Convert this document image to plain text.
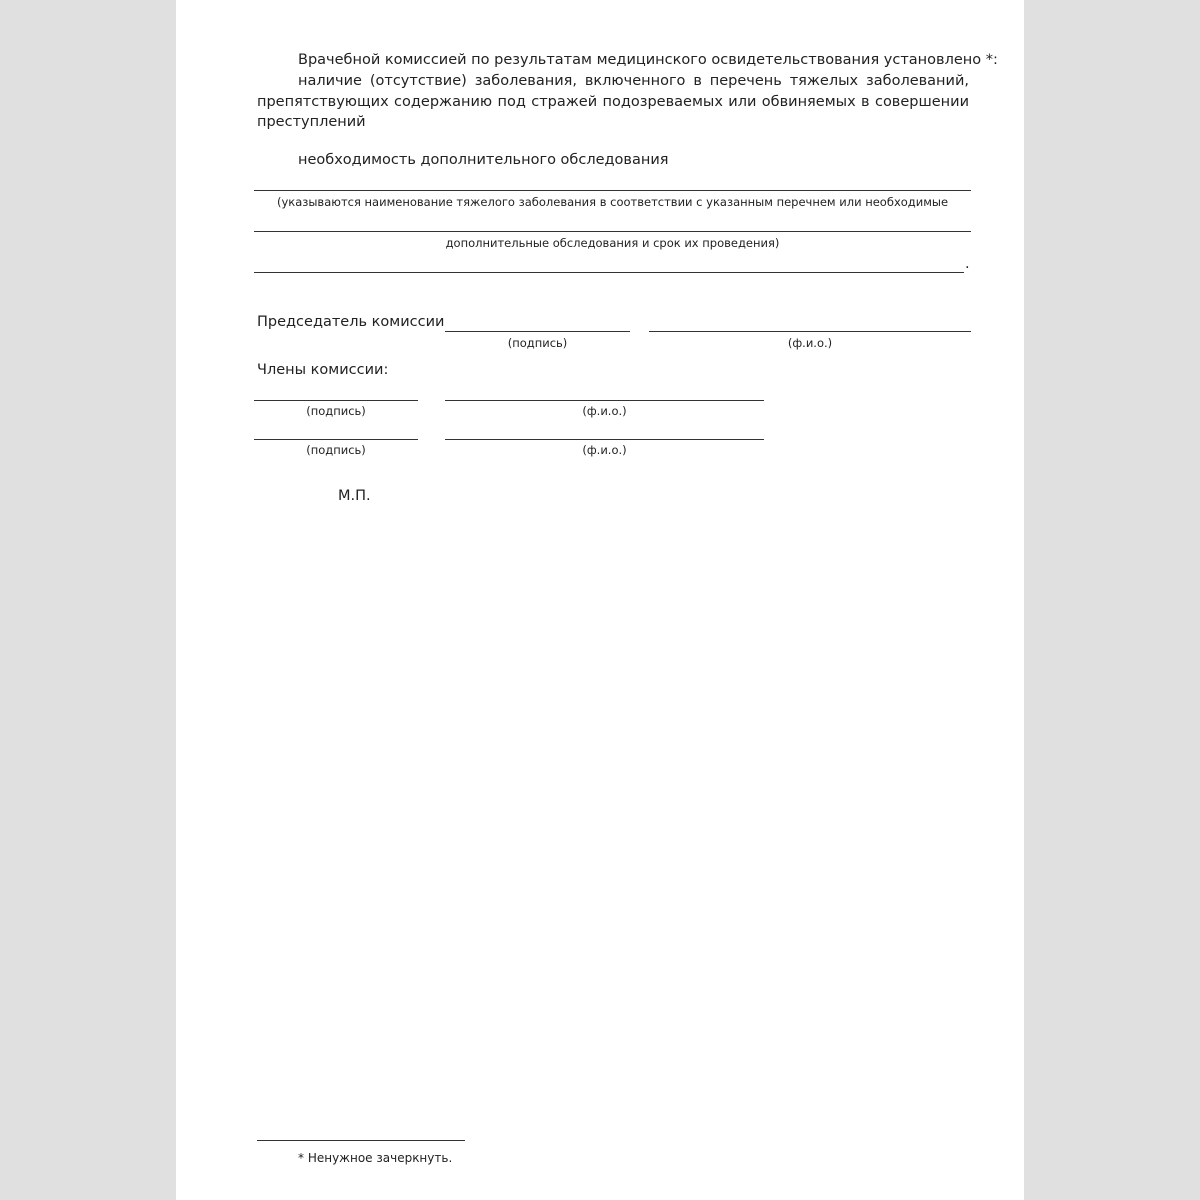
Врачебной комиссией по результатам медицинского освидетельствования установлено *:
наличие (отсутствие) заболевания, включенного в перечень тяжелых заболеваний, препятствующих содержанию под стражей подозреваемых или обвиняемых в совершении преступлений
необходимость дополнительного обследования
(указываются наименование тяжелого заболевания в соответствии с указанным перечнем или необходимые
дополнительные обследования и срок их проведения)
.
Председатель комиссии
(подпись)	(ф.и.о.)
Члены комиссии:
(подпись)	(ф.и.о.)
(подпись)	(ф.и.о.)
М.П.
* Ненужное зачеркнуть.
